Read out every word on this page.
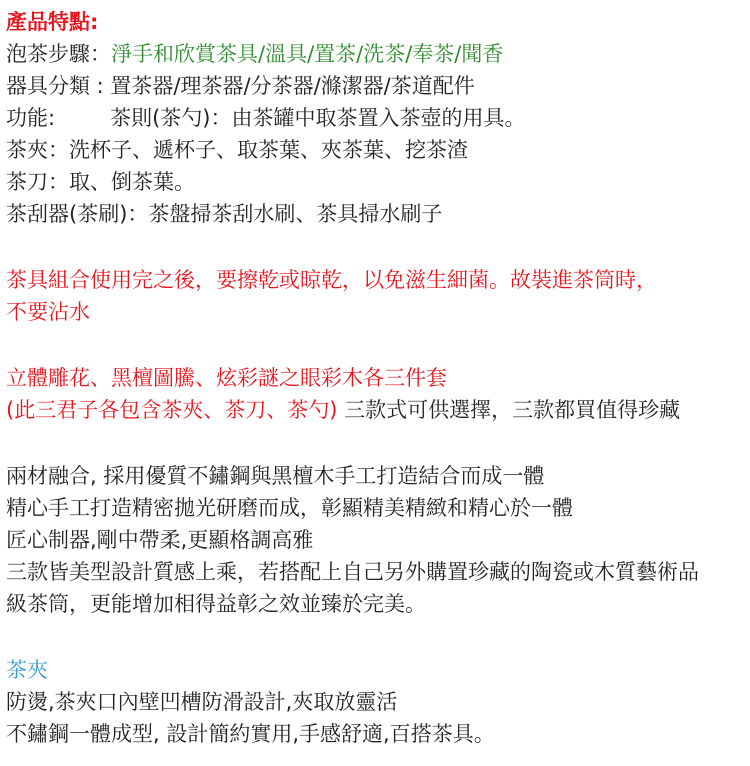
產品特點:
泡茶步驟：淨手和欣賞茶具/溫具/置茶/洗茶/奉茶/聞香
器具分類 : 置茶器/理茶器/分茶器/滌潔器/茶道配件
功能:	茶則(茶勺)：由茶罐中取茶置入茶壺的用具。
茶夾：洗杯子、遞杯子、取茶葉、夾茶葉、挖茶渣
茶刀：取、倒茶葉。
茶刮器(茶刷)：茶盤掃茶刮水刷、茶具掃水刷子
茶具組合使用完之後，要擦乾或晾乾，以免滋生細菌。故裝進茶筒時，
不要沾水
立體雕花、黑檀圖騰、炫彩謎之眼彩木各三件套
(此三君子各包含茶夾、茶刀、茶勺) 三款式可供選擇，三款都買值得珍藏
兩材融合, 採用優質不鏽鋼與黑檀木手工打造結合而成一體
精心手工打造精密拋光研磨而成，彰顯精美精緻和精心於一體
匠心制器,剛中帶柔,更顯格調高雅
三款皆美型設計質感上乘，若搭配上自己另外購置珍藏的陶瓷或木質藝術品
級茶筒，更能增加相得益彰之效並臻於完美。
茶夾
防燙,茶夾口內壁凹槽防滑設計,夾取放靈活
不鏽鋼一體成型, 設計簡約實用,手感舒適,百搭茶具。
